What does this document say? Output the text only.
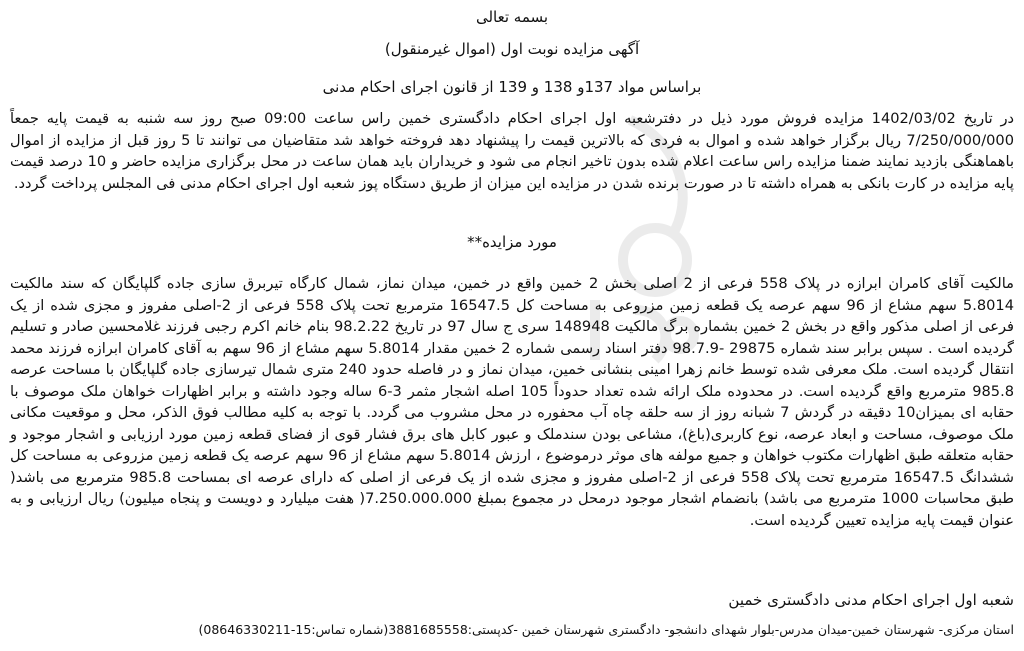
بسمه تعالی

آگهی مزایده نوبت اول (اموال غیرمنقول)

براساس مواد 137و 138 و 139 از قانون اجرای احکام مدنی

در تاریخ 1402/03/02 مزایده فروش مورد ذیل در دفترشعبه اول اجرای احکام دادگستری خمین راس ساعت 09:00 صبح روز سه شنبه به قیمت پایه جمعاً 7/250/000/000 ریال برگزار خواهد شده و اموال به فردی که بالاترین قیمت را پیشنهاد دهد فروخته خواهد شد متقاضیان می توانند تا 5 روز قبل از مزایده از اموال باهماهنگی بازدید نمایند ضمنا مزایده راس ساعت اعلام شده بدون تاخیر انجام می شود و خریداران باید همان ساعت در محل برگزاری مزایده حاضر و 10 درصد قیمت پایه مزایده در کارت بانکی به همراه داشته تا در صورت برنده شدن در مزایده این میزان از طریق دستگاه پوز شعبه اول اجرای احکام مدنی فی المجلس پرداخت گردد.

مورد مزایده**

مالکیت آقای کامران ابرازه در پلاک 558 فرعی از 2 اصلی بخش 2 خمین واقع در خمین، میدان نماز، شمال کارگاه تیربرق سازی جاده گلپایگان که سند مالکیت 5.8014 سهم مشاع از 96 سهم عرصه یک قطعه زمین مزروعی به مساحت کل 16547.5 مترمربع تحت پلاک 558 فرعی از 2-اصلی مفروز و مجزی شده از یک فرعی از اصلی مذکور واقع در بخش 2 خمین بشماره برگ مالکیت 148948 سری ج سال 97 در تاریخ 98.2.22 بنام خانم اکرم رجبی فرزند غلامحسین صادر و تسلیم گردیده است . سپس برابر سند شماره 29875 -98.7.9 دفتر اسناد رسمی شماره 2 خمین مقدار 5.8014 سهم مشاع از 96 سهم به آقای کامران ابرازه فرزند محمد انتقال گردیده است. ملک معرفی شده توسط خانم زهرا امینی بنشانی خمین، میدان نماز و در فاصله حدود 240 متری شمال تیرسازی جاده گلپایگان با مساحت عرصه 985.8 مترمربع واقع گردیده است. در محدوده ملک ارائه شده تعداد حدوداً 105 اصله اشجار مثمر 3-6 ساله وجود داشته و برابر اظهارات خواهان ملک موصوف با حقابه ای بمیزان10 دقیقه در گردش 7 شبانه روز از سه حلقه چاه آب محفوره در محل مشروب می گردد. با توجه به کلیه مطالب فوق الذکر، محل و موقعیت مکانی ملک موصوف، مساحت و ابعاد عرصه، نوع کاربری(باغ)، مشاعی بودن سندملک و عبور کابل های برق فشار قوی از فضای قطعه زمین مورد ارزیابی و اشجار موجود و حقابه متعلقه طبق اظهارات مکتوب خواهان و جمیع مولفه های موثر درموضوع ، ارزش 5.8014 سهم مشاع از 96 سهم عرصه یک قطعه زمین مزروعی به مساحت کل ششدانگ 16547.5 مترمربع تحت پلاک 558 فرعی از 2-اصلی مفروز و مجزی شده از یک فرعی از اصلی که دارای عرصه ای بمساحت 985.8 مترمربع می باشد( طبق محاسبات 1000 مترمربع می باشد) بانضمام اشجار موجود درمحل در مجموع بمبلغ 7.250.000.000( هفت میلیارد و دویست و پنجاه میلیون) ریال ارزیابی و به عنوان قیمت پایه مزایده تعیین گردیده است.

شعبه اول اجرای احکام مدنی دادگستری خمین

استان مرکزی- شهرستان خمین-میدان مدرس-بلوار شهدای دانشجو- دادگستری شهرستان خمین -کدپستی:3881685558(شماره تماس:15-08646330211)
